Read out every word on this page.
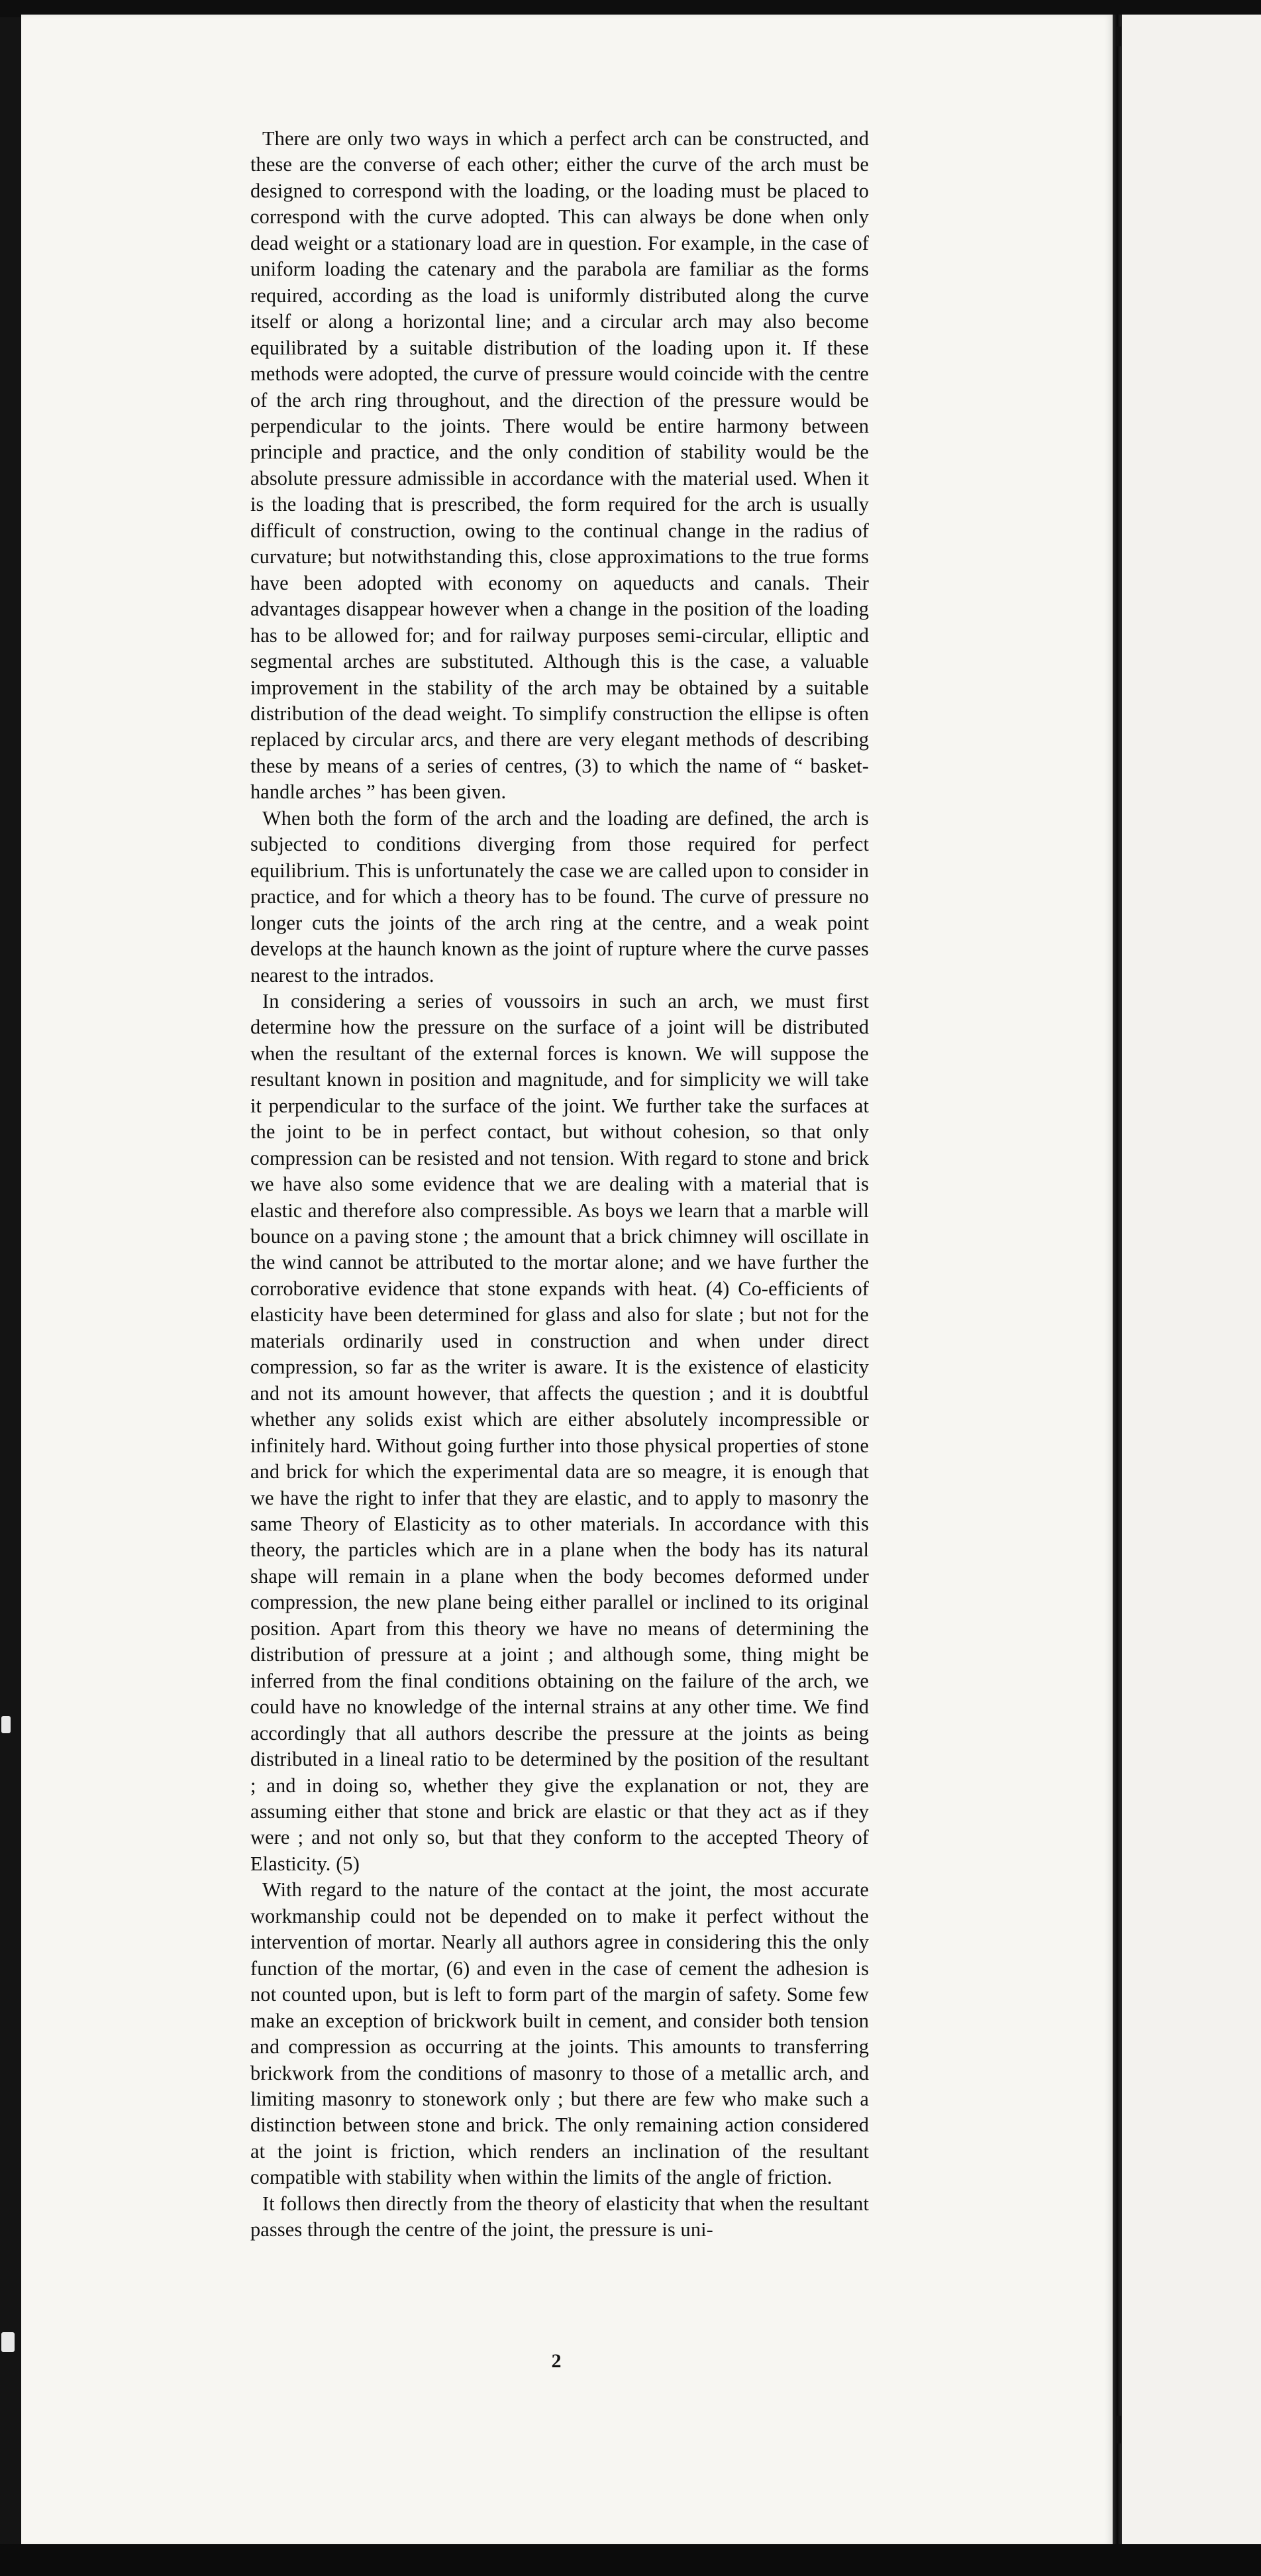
There are only two ways in which a perfect arch can be constructed, and these are the converse of each other; either the curve of the arch must be designed to correspond with the loading, or the loading must be placed to correspond with the curve adopted. This can always be done when only dead weight or a stationary load are in question. For example, in the case of uniform loading the catenary and the parabola are familiar as the forms required, according as the load is uniformly distributed along the curve itself or along a horizontal line; and a circular arch may also become equilibrated by a suitable distribution of the loading upon it. If these methods were adopted, the curve of pressure would coincide with the centre of the arch ring throughout, and the direction of the pressure would be perpendicular to the joints. There would be entire harmony between principle and practice, and the only condition of stability would be the absolute pressure admissible in accordance with the material used. When it is the loading that is prescribed, the form required for the arch is usually difficult of construction, owing to the continual change in the radius of curvature; but notwithstanding this, close approximations to the true forms have been adopted with economy on aqueducts and canals. Their advantages disappear however when a change in the position of the loading has to be allowed for; and for railway purposes semi-circular, elliptic and segmental arches are substituted. Although this is the case, a valuable improvement in the stability of the arch may be obtained by a suitable distribution of the dead weight. To simplify construction the ellipse is often replaced by circular arcs, and there are very elegant methods of describing these by means of a series of centres, (3) to which the name of “ basket-handle arches ” has been given.

When both the form of the arch and the loading are defined, the arch is subjected to conditions diverging from those required for perfect equilibrium. This is unfortunately the case we are called upon to consider in practice, and for which a theory has to be found. The curve of pressure no longer cuts the joints of the arch ring at the centre, and a weak point develops at the haunch known as the joint of rupture where the curve passes nearest to the intrados.

In considering a series of voussoirs in such an arch, we must first determine how the pressure on the surface of a joint will be distributed when the resultant of the external forces is known. We will suppose the resultant known in position and magnitude, and for simplicity we will take it perpendicular to the surface of the joint. We further take the surfaces at the joint to be in perfect contact, but without cohesion, so that only compression can be resisted and not tension. With regard to stone and brick we have also some evidence that we are dealing with a material that is elastic and therefore also compressible. As boys we learn that a marble will bounce on a paving stone ; the amount that a brick chimney will oscillate in the wind cannot be attributed to the mortar alone; and we have further the corroborative evidence that stone expands with heat. (4) Co-efficients of elasticity have been determined for glass and also for slate ; but not for the materials ordinarily used in construction and when under direct compression, so far as the writer is aware. It is the existence of elasticity and not its amount however, that affects the question ; and it is doubtful whether any solids exist which are either absolutely incompressible or infinitely hard. Without going further into those physical properties of stone and brick for which the experimental data are so meagre, it is enough that we have the right to infer that they are elastic, and to apply to masonry the same Theory of Elasticity as to other materials. In accordance with this theory, the particles which are in a plane when the body has its natural shape will remain in a plane when the body becomes deformed under compression, the new plane being either parallel or inclined to its original position. Apart from this theory we have no means of determining the distribution of pressure at a joint ; and although some, thing might be inferred from the final conditions obtaining on the failure of the arch, we could have no knowledge of the internal strains at any other time. We find accordingly that all authors describe the pressure at the joints as being distributed in a lineal ratio to be determined by the position of the resultant ; and in doing so, whether they give the explanation or not, they are assuming either that stone and brick are elastic or that they act as if they were ; and not only so, but that they conform to the accepted Theory of Elasticity. (5)

With regard to the nature of the contact at the joint, the most accurate workmanship could not be depended on to make it perfect without the intervention of mortar. Nearly all authors agree in considering this the only function of the mortar, (6) and even in the case of cement the adhesion is not counted upon, but is left to form part of the margin of safety. Some few make an exception of brickwork built in cement, and consider both tension and compression as occurring at the joints. This amounts to transferring brickwork from the conditions of masonry to those of a metallic arch, and limiting masonry to stonework only ; but there are few who make such a distinction between stone and brick. The only remaining action considered at the joint is friction, which renders an inclination of the resultant compatible with stability when within the limits of the angle of friction.

It follows then directly from the theory of elasticity that when the resultant passes through the centre of the joint, the pressure is uni-

2
